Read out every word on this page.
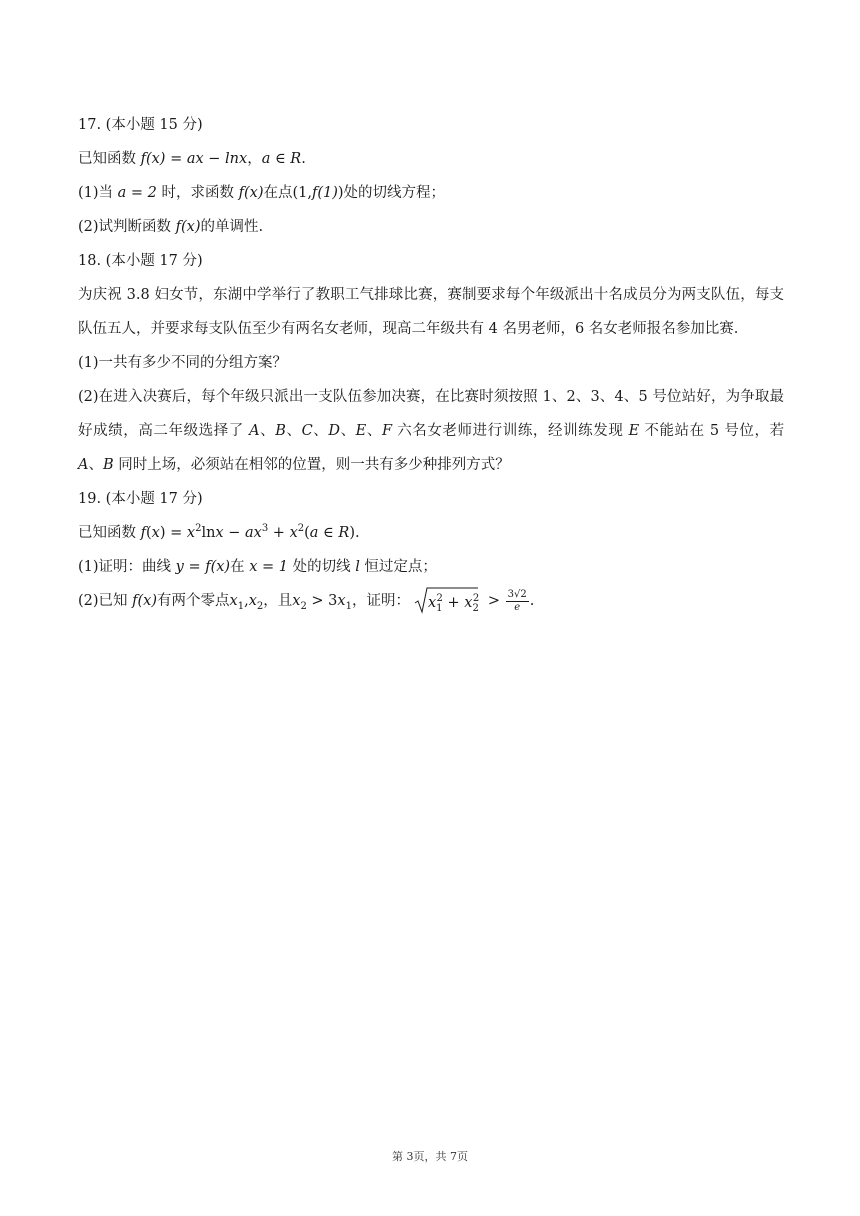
17. (本小题 15 分)
已知函数 f(x) = ax − lnx，a ∈ R.
(1)当 a = 2 时，求函数 f(x)在点(1,f(1))处的切线方程；
(2)试判断函数 f(x)的单调性.
18. (本小题 17 分)
为庆祝 3.8 妇女节，东湖中学举行了教职工气排球比赛，赛制要求每个年级派出十名成员分为两支队伍，每支队伍五人，并要求每支队伍至少有两名女老师，现高二年级共有 4 名男老师，6 名女老师报名参加比赛.
(1)一共有多少不同的分组方案？
(2)在进入决赛后，每个年级只派出一支队伍参加决赛，在比赛时须按照 1、2、3、4、5 号位站好，为争取最好成绩，高二年级选择了 A、B、C、D、E、F 六名女老师进行训练，经训练发现 E 不能站在 5 号位，若 A、B 同时上场，必须站在相邻的位置，则一共有多少种排列方式？
19. (本小题 17 分)
已知函数 $f(x) = x^2\ln x - ax^3 + x^2(a$ ∈ R).
(1)证明：曲线 y = f(x)在 x = 1 处的切线 l 恒过定点；
(2)已知 f(x)有两个零点$x_1,x_2$，且$x_2 > 3x_1$，证明： $x_1^2 + x_2^2 > \frac{3√2}{e}$ .
第 3页，共 7页
